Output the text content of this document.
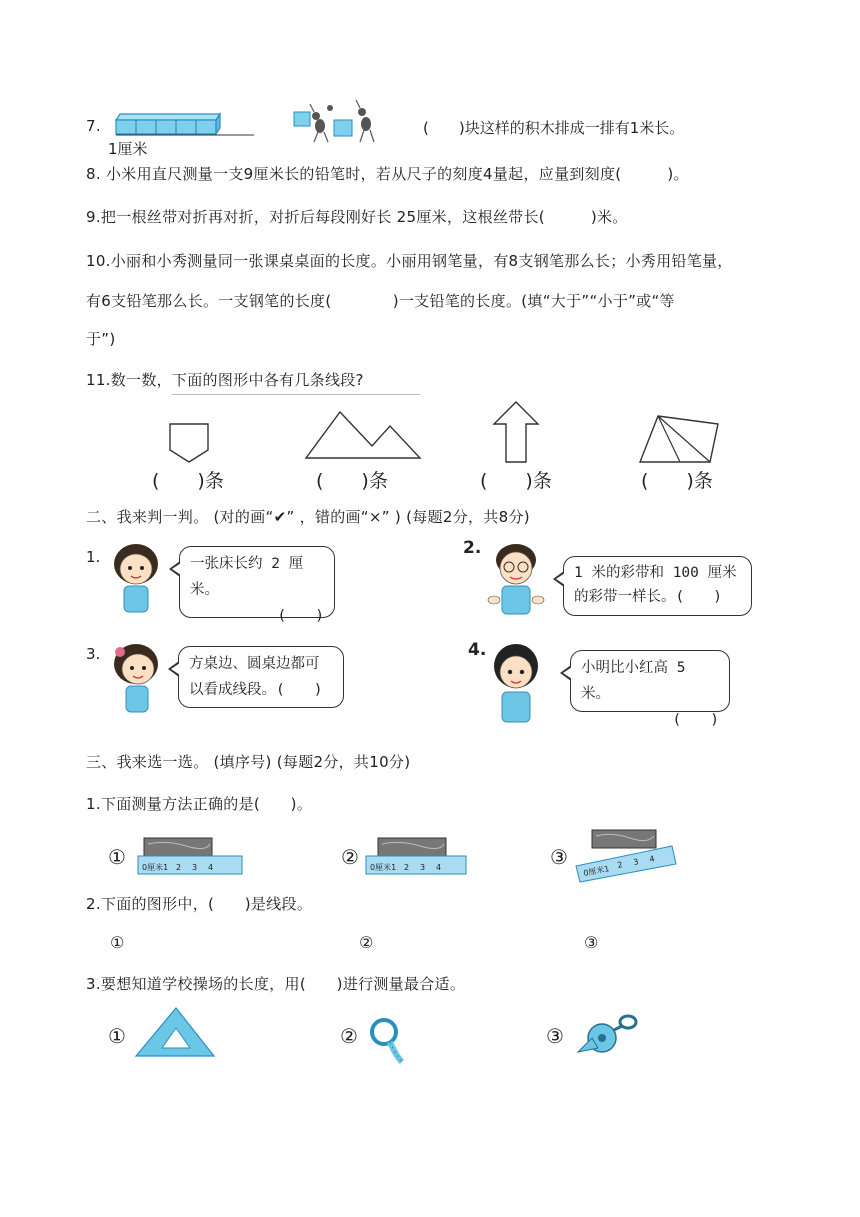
7.
1厘米
(　　)块这样的积木排成一排有1米长。
8. 小米用直尺测量一支9厘米长的铅笔时，若从尺子的刻度4量起，应量到刻度(　　　)。
9.把一根丝带对折再对折，对折后每段刚好长 25厘米，这根丝带长(　　　)米。
10.小丽和小秀测量同一张课桌桌面的长度。小丽用钢笔量，有8支钢笔那么长；小秀用铅笔量，
有6支铅笔那么长。一支钢笔的长度(　　　　)一支铅笔的长度。(填“大于”“小于”或“等
于”)
11.数一数，下面的图形中各有几条线段?
(　　)条	(　　)条	(　　)条	(　　)条
二、我来判一判。 (对的画“✔” ，错的画“×” ) (每题2分，共8分)
1.	一张床长约 2 厘米。
(　　)
2.
1 米的彩带和 100 厘米
的彩带一样长。(　　)
3.
方桌边、圆桌边都可
以看成线段。(　　)
4.
小明比小红高 5 米。
(　　)
三、我来选一选。 (填序号) (每题2分，共10分)
1.下面测量方法正确的是(　　)。
① 0厘米1 2 3 4	② 0厘米1 2 3 4	③
0厘米1 2 3 4
2.下面的图形中，(　　)是线段。
①	②	③
3.要想知道学校操场的长度，用(　　)进行测量最合适。
①	②	③
